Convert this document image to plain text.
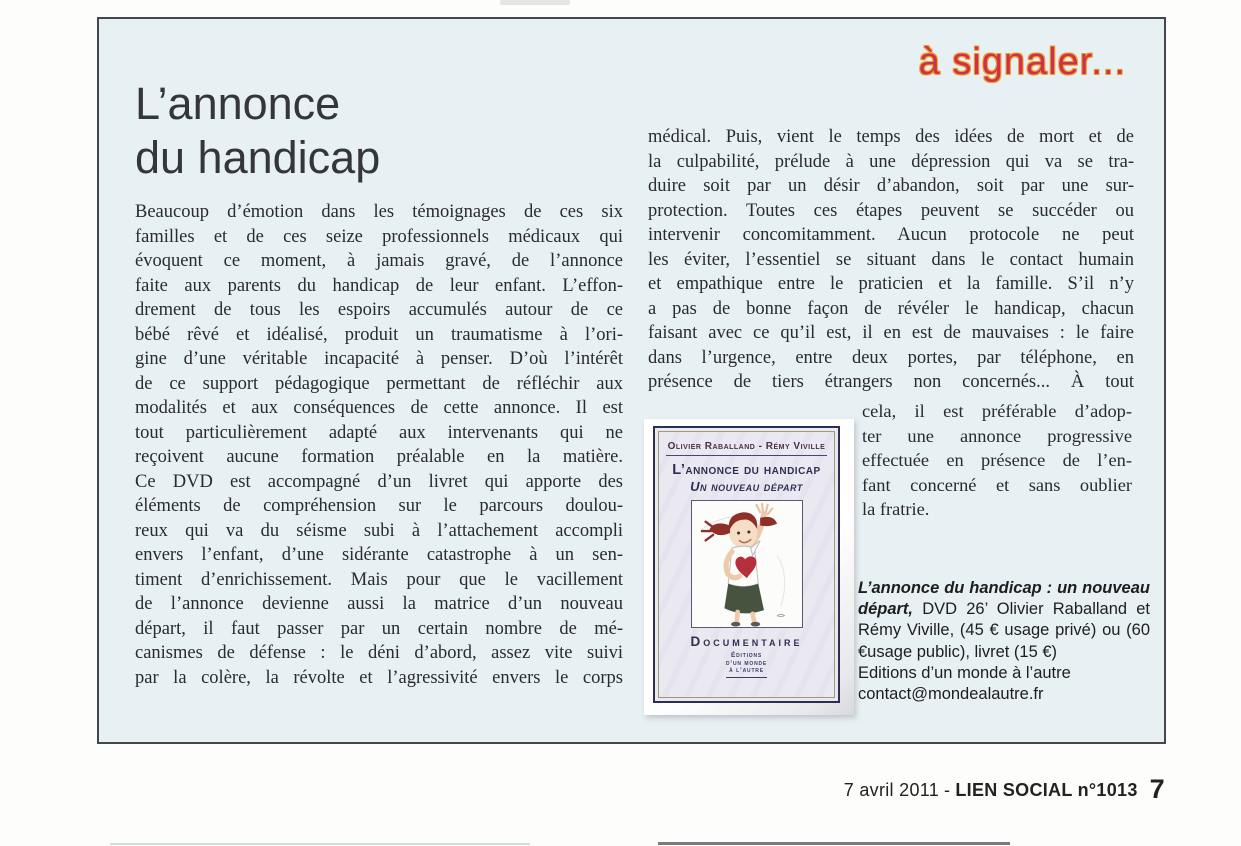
à signaler...
L’annonce
du handicap
Beaucoup d’émotion dans les témoignages de ces six
familles et de ces seize professionnels médicaux qui
évoquent ce moment, à jamais gravé, de l’annonce
faite aux parents du handicap de leur enfant. L’effon-
drement de tous les espoirs accumulés autour de ce
bébé rêvé et idéalisé, produit un traumatisme à l’ori-
gine d’une véritable incapacité à penser. D’où l’intérêt
de ce support pédagogique permettant de réfléchir aux
modalités et aux conséquences de cette annonce. Il est
tout particulièrement adapté aux intervenants qui ne
reçoivent aucune formation préalable en la matière.
Ce DVD est accompagné d’un livret qui apporte des
éléments de compréhension sur le parcours doulou-
reux qui va du séisme subi à l’attachement accompli
envers l’enfant, d’une sidérante catastrophe à un sen-
timent d’enrichissement. Mais pour que le vacillement
de l’annonce devienne aussi la matrice d’un nouveau
départ, il faut passer par un certain nombre de mé-
canismes de défense : le déni d’abord, assez vite suivi
par la colère, la révolte et l’agressivité envers le corps
médical. Puis, vient le temps des idées de mort et de
la culpabilité, prélude à une dépression qui va se tra-
duire soit par un désir d’abandon, soit par une sur-
protection. Toutes ces étapes peuvent se succéder ou
intervenir concomitamment. Aucun protocole ne peut
les éviter, l’essentiel se situant dans le contact humain
et empathique entre le praticien et la famille. S’il n’y
a pas de bonne façon de révéler le handicap, chacun
faisant avec ce qu’il est, il en est de mauvaises : le faire
dans l’urgence, entre deux portes, par téléphone, en
présence de tiers étrangers non concernés... À tout
cela, il est préférable d’adop-
ter une annonce progressive
effectuée en présence de l’en-
fant concerné et sans oublier
la fratrie.
Olivier Raballand - Rémy Viville
L’annonce du handicap
Un nouveau départ
Documentaire
Éditions
d’un monde
à l’autre

L’annonce du handicap : un nouveau départ, DVD 26’ Olivier Raballand et Rémy Viville, (45 € usage privé) ou (60 €usage public), livret (15 €)

Editions d’un monde à l’autre
contact@mondealautre.fr
7 avril 2011 - LIEN SOCIAL n°1013 7
